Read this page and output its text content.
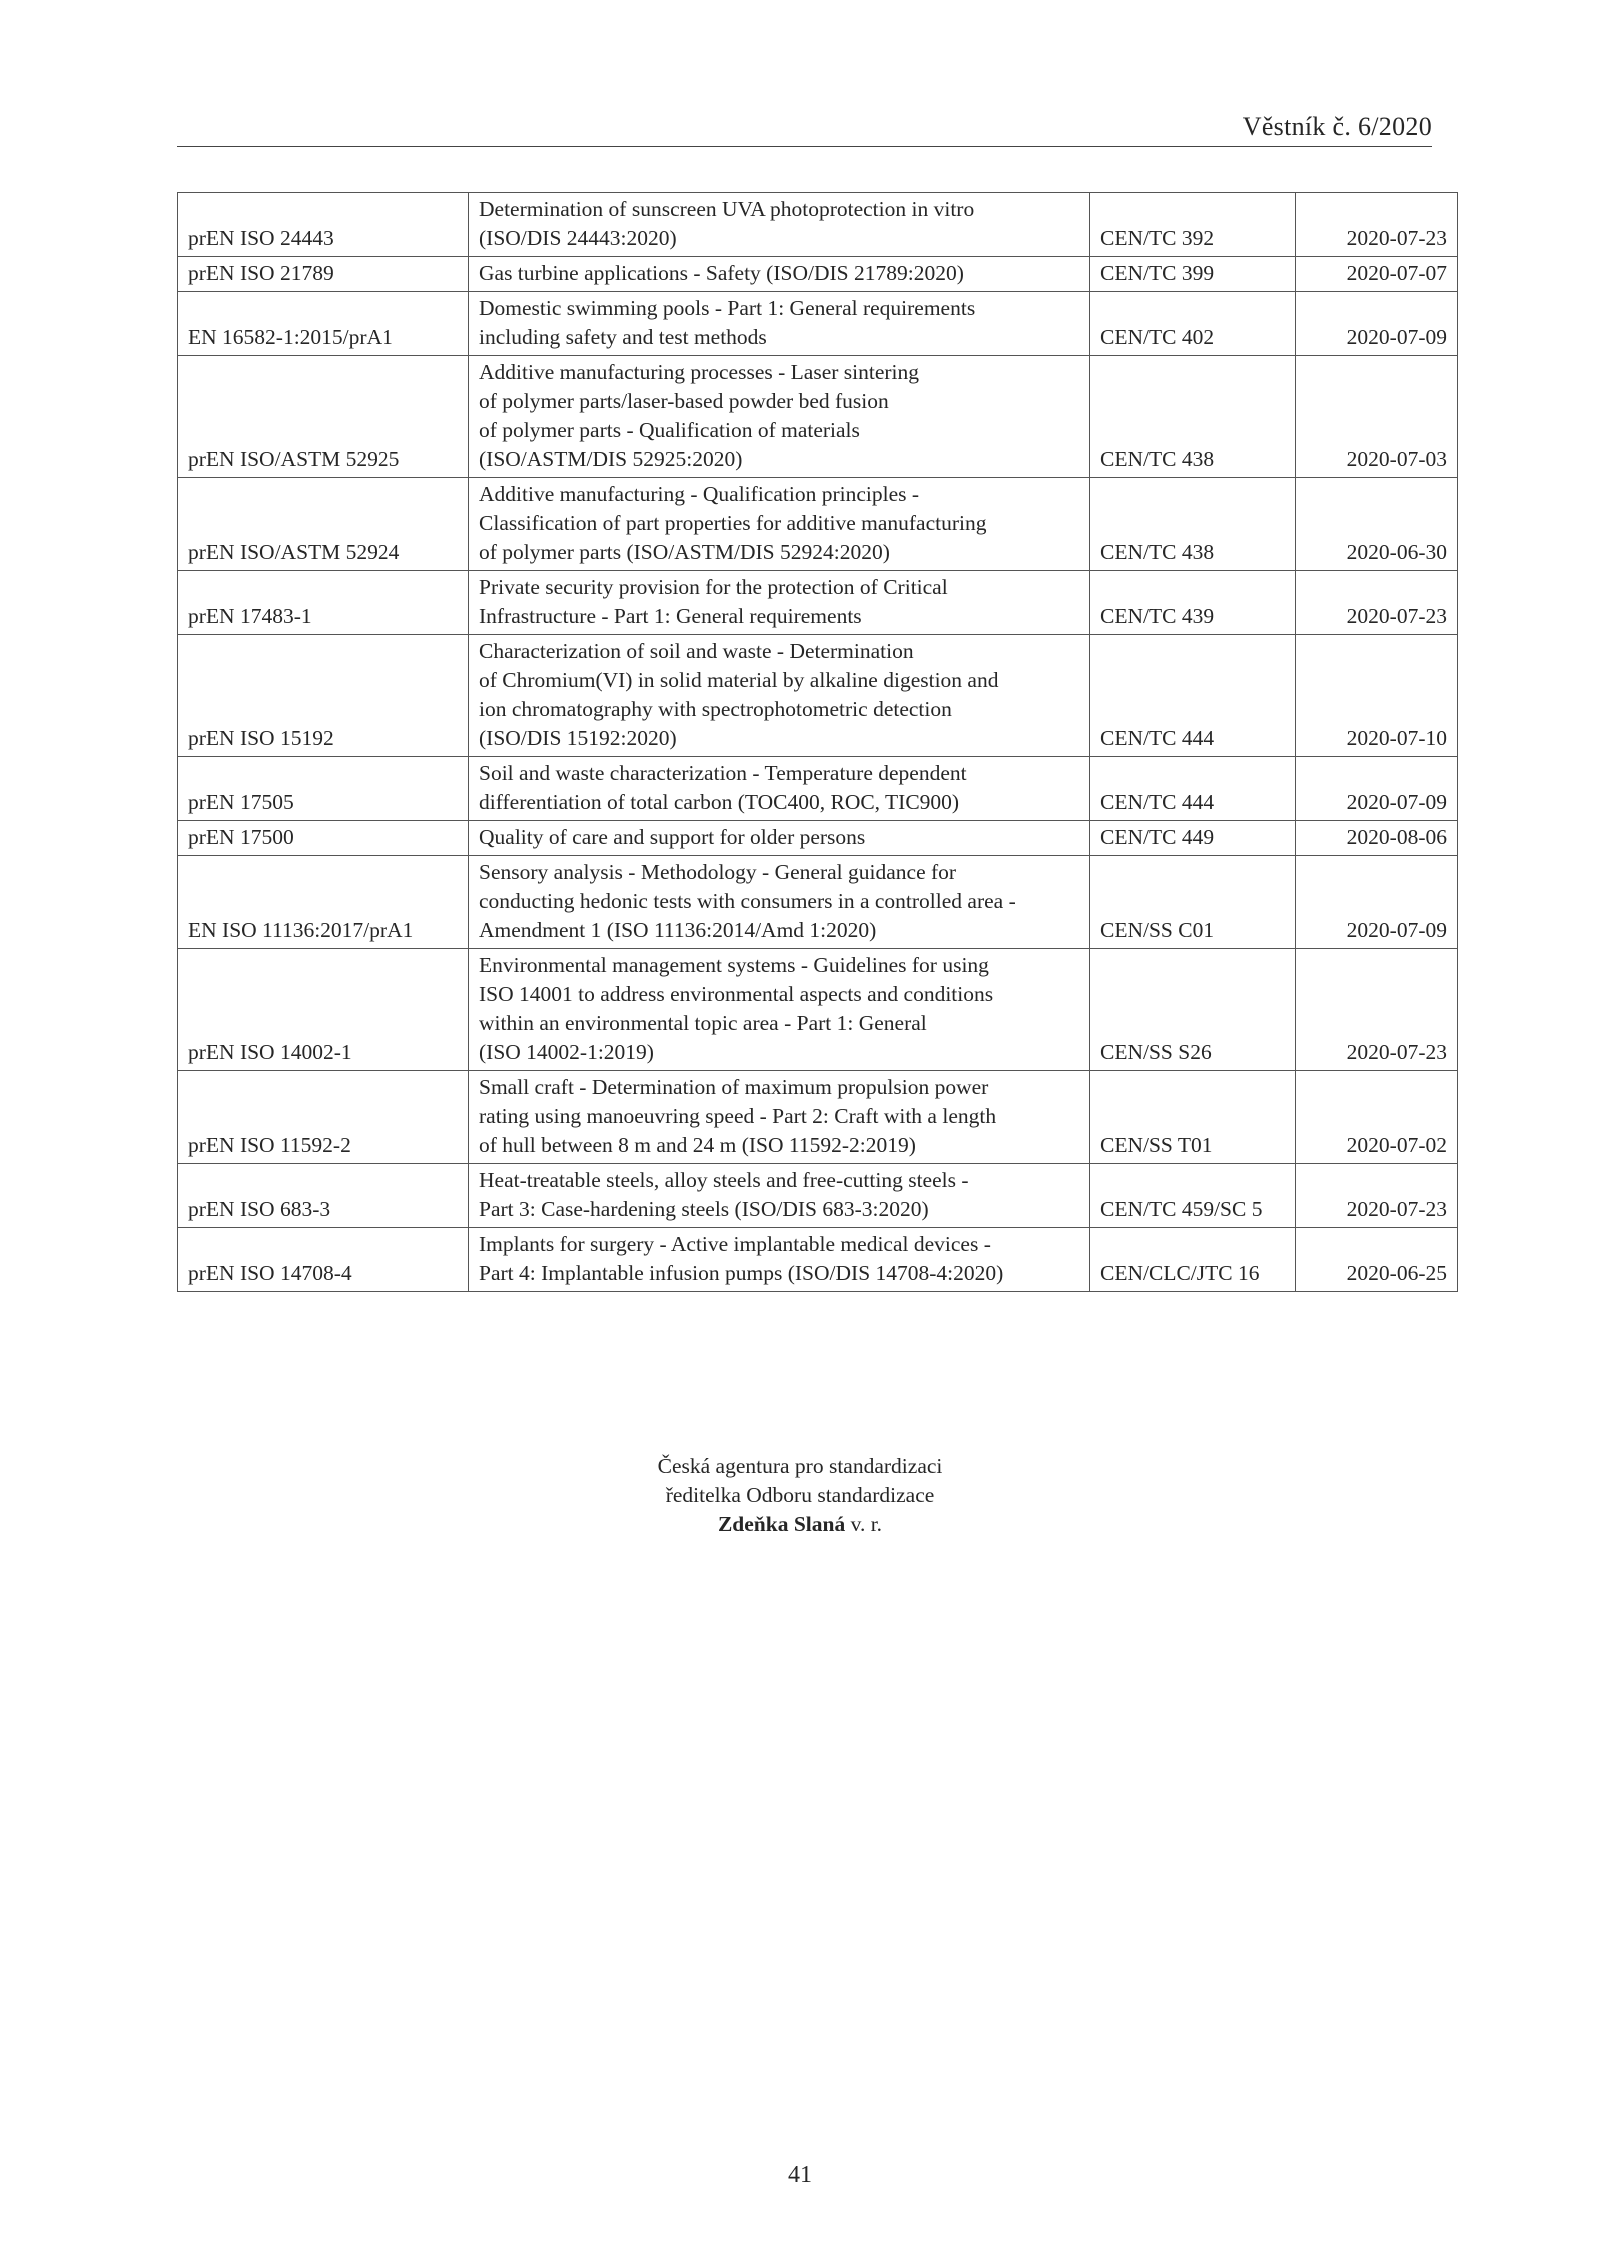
Věstník č. 6/2020
prEN ISO 24443	Determination of sunscreen UVA photoprotection in vitro
(ISO/DIS 24443:2020)	CEN/TC 392	2020-07-23
prEN ISO 21789	Gas turbine applications - Safety (ISO/DIS 21789:2020)	CEN/TC 399	2020-07-07
EN 16582-1:2015/prA1	Domestic swimming pools - Part 1: General requirements
including safety and test methods	CEN/TC 402	2020-07-09
prEN ISO/ASTM 52925	Additive manufacturing processes - Laser sintering
of polymer parts/laser-based powder bed fusion
of polymer parts - Qualification of materials
(ISO/ASTM/DIS 52925:2020)	CEN/TC 438	2020-07-03
prEN ISO/ASTM 52924	Additive manufacturing - Qualification principles -
Classification of part properties for additive manufacturing
of polymer parts (ISO/ASTM/DIS 52924:2020)	CEN/TC 438	2020-06-30
prEN 17483-1	Private security provision for the protection of Critical
Infrastructure - Part 1: General requirements	CEN/TC 439	2020-07-23
prEN ISO 15192	Characterization of soil and waste - Determination
of Chromium(VI) in solid material by alkaline digestion and
ion chromatography with spectrophotometric detection
(ISO/DIS 15192:2020)	CEN/TC 444	2020-07-10
prEN 17505	Soil and waste characterization - Temperature dependent
differentiation of total carbon (TOC400, ROC, TIC900)	CEN/TC 444	2020-07-09
prEN 17500	Quality of care and support for older persons	CEN/TC 449	2020-08-06
EN ISO 11136:2017/prA1	Sensory analysis - Methodology - General guidance for
conducting hedonic tests with consumers in a controlled area -
Amendment 1 (ISO 11136:2014/Amd 1:2020)	CEN/SS C01	2020-07-09
prEN ISO 14002-1	Environmental management systems - Guidelines for using
ISO 14001 to address environmental aspects and conditions
within an environmental topic area - Part 1: General
(ISO 14002-1:2019)	CEN/SS S26	2020-07-23
prEN ISO 11592-2	Small craft - Determination of maximum propulsion power
rating using manoeuvring speed - Part 2: Craft with a length
of hull between 8 m and 24 m (ISO 11592-2:2019)	CEN/SS T01	2020-07-02
prEN ISO 683-3	Heat-treatable steels, alloy steels and free-cutting steels -
Part 3: Case-hardening steels (ISO/DIS 683-3:2020)	CEN/TC 459/SC 5	2020-07-23
prEN ISO 14708-4	Implants for surgery - Active implantable medical devices -
Part 4: Implantable infusion pumps (ISO/DIS 14708-4:2020)	CEN/CLC/JTC 16	2020-06-25
Česká agentura pro standardizaci
ředitelka Odboru standardizace
Zdeňka Slaná v. r.
41
